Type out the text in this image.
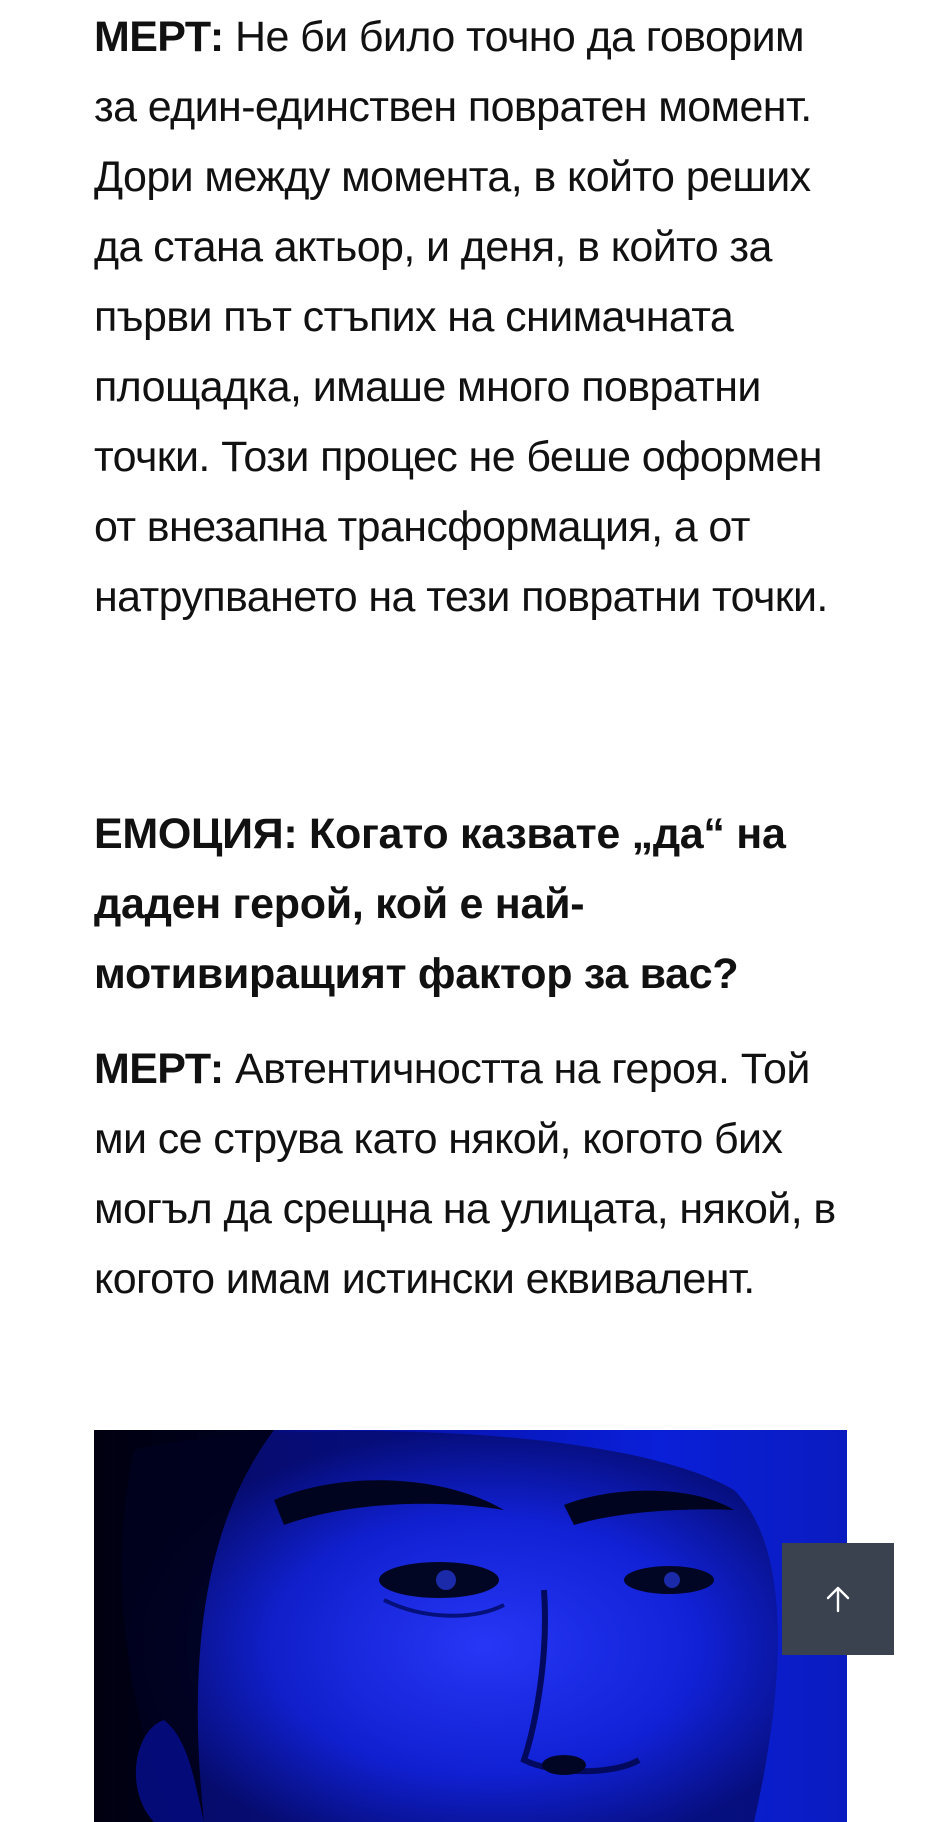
МЕРТ: Не би било точно да говорим за един-единствен повратен момент. Дори между момента, в който реших да стана актьор, и деня, в който за първи път стъпих на снимачната площадка, имаше много повратни точки. Този процес не беше оформен от внезапна трансформация, а от натрупването на тези повратни точки.

ЕМОЦИЯ: Когато казвате „да“ на даден герой, кой е най-мотивиращият фактор за вас?

МЕРТ: Автентичността на героя. Той ми се струва като някой, когото бих могъл да срещна на улицата, някой, в когото имам истински еквивалент.
